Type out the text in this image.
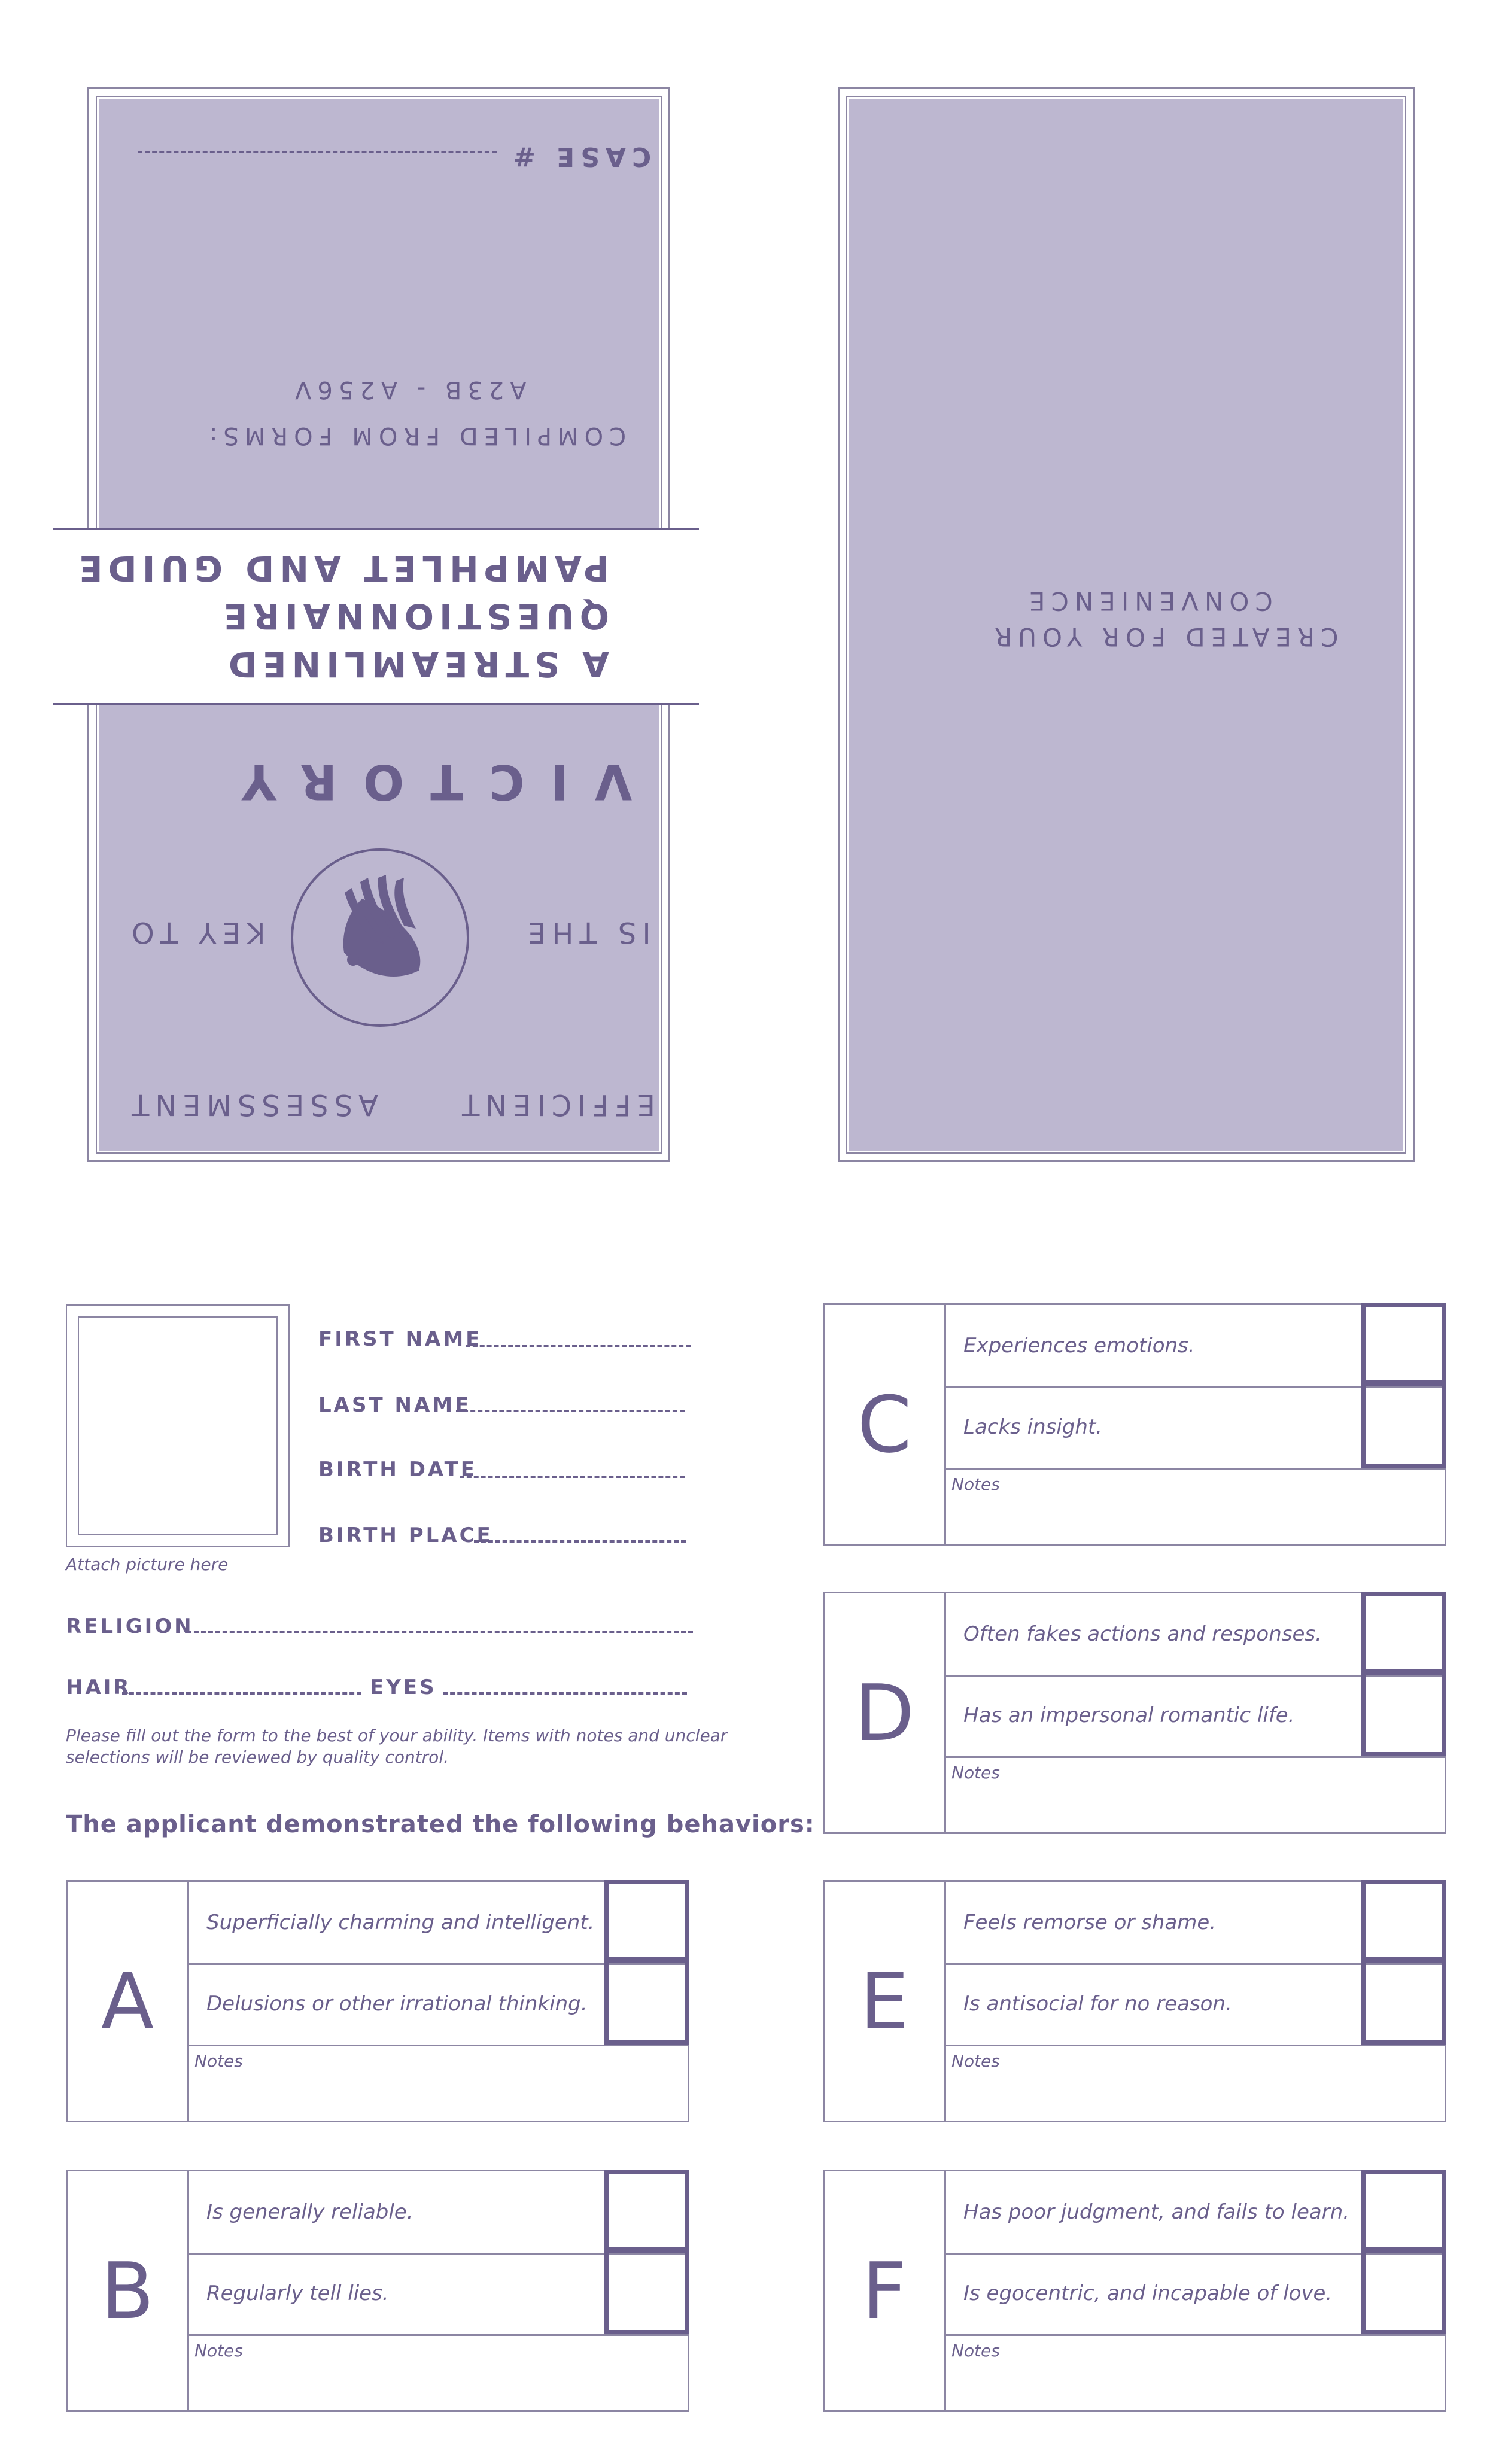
CASE #
COMPILED FROM FORMS:
A23B - A256V
A STREAMLINED
QUESTIONNAIRE
PAMPHLET AND GUIDE
VICTORY
IS THE
KEY TO
EFFICIENT
ASSESSMENT
CREATED FOR YOUR
CONVENIENCE
Attach picture here
FIRST NAME
LAST NAME
BIRTH DATE
BIRTH PLACE
RELIGION
HAIR	EYES
Please fill out the form to the best of your ability. Items with notes and unclear
selections will be reviewed by quality control.
The applicant demonstrated the following behaviors:
A
Superficially charming and intelligent.
Delusions or other irrational thinking.
Notes
B
Is generally reliable.
Regularly tell lies.
Notes
C
Experiences emotions.
Lacks insight.
Notes
D
Often fakes actions and responses.
Has an impersonal romantic life.
Notes
E
Feels remorse or shame.
Is antisocial for no reason.
Notes
F
Has poor judgment, and fails to learn.
Is egocentric, and incapable of love.
Notes
